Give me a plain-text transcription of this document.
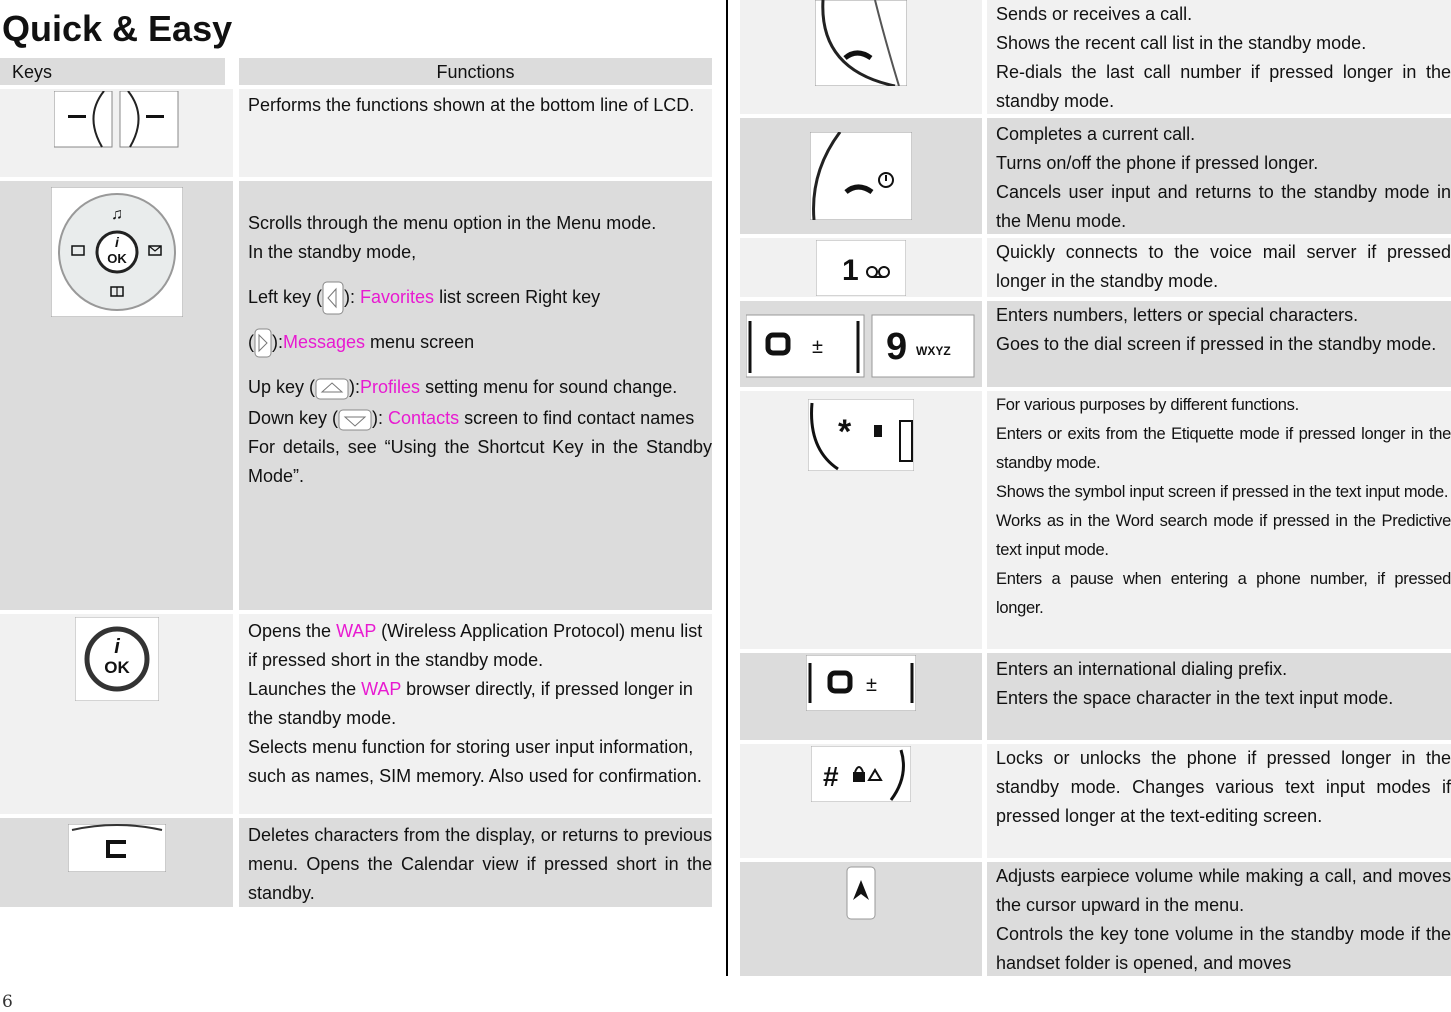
Quick & Easy
Keys	Functions

Performs the functions shown at the bottom line of LCD.

i
OK
♫	Scrolls through the menu option in the Menu mode.

In the standby mode,

Left key ( ): Favorites list screen Right key

( ):Messages menu screen

Up key ( ):Profiles setting menu for sound change.

Down key ( ): Contacts screen to find contact names

For details, see “Using the Shortcut Key in the Standby Mode”.

i
OK

Opens the WAP (Wireless Application Protocol) menu list if pressed short in the standby mode.

Launches the WAP browser directly, if pressed longer in the standby mode.

Selects menu function for storing user input information, such as names, SIM memory. Also used for confirmation.

Deletes characters from the display, or returns to previous menu. Opens the Calendar view if pressed short in the standby.

Sends or receives a call.

Shows the recent call list in the standby mode.

Re-dials the last call number if pressed longer in the standby mode.

Completes a current call.

Turns on/off the phone if pressed longer.

Cancels user input and returns to the standby mode in the Menu mode.

1

Quickly connects to the voice mail server if pressed longer in the standby mode.

± 9 WXYZ

Enters numbers, letters or special characters.

Goes to the dial screen if pressed in the standby mode.

*

For various purposes by different functions.

Enters or exits from the Etiquette mode if pressed longer in the standby mode.

Shows the symbol input screen if pressed in the text input mode.

Works as in the Word search mode if pressed in the Predictive text input mode.

Enters a pause when entering a phone number, if pressed longer.

±

Enters an international dialing prefix.

Enters the space character in the text input mode.

#

Locks or unlocks the phone if pressed longer in the standby mode. Changes various text input modes if pressed longer at the text-editing screen.

Adjusts earpiece volume while making a call, and moves the cursor upward in the menu.

Controls the key tone volume in the standby mode if the handset folder is opened, and moves

6
